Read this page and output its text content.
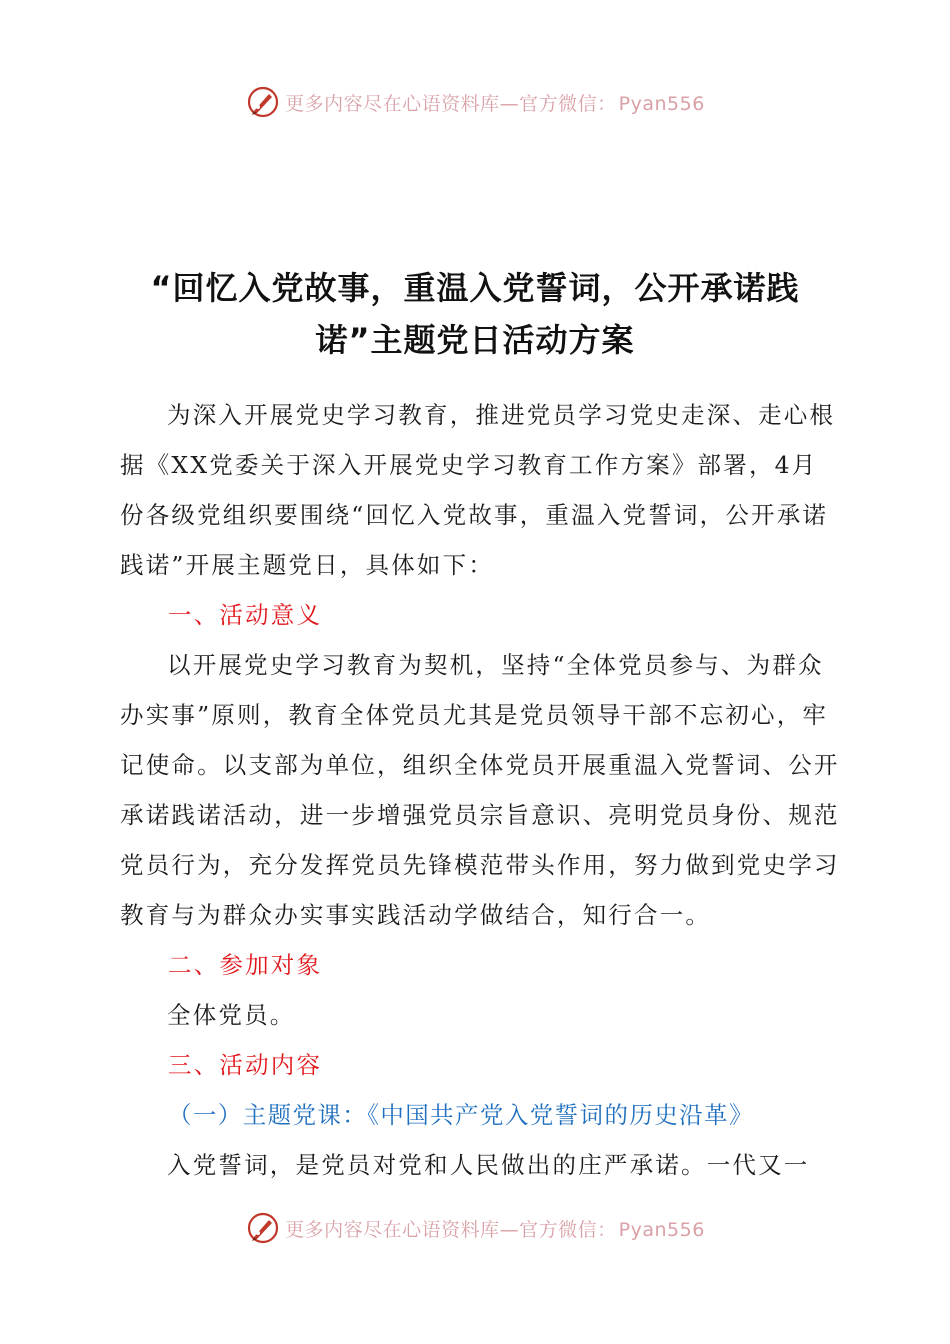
更多内容尽在心语资料库—官方微信： Pyan556
“回忆入党故事，重温入党誓词，公开承诺践
诺”主题党日活动方案

为深入开展党史学习教育，推进党员学习党史走深、走心根据《XX党委关于深入开展党史学习教育工作方案》部署，4月份各级党组织要围绕“回忆入党故事，重温入党誓词，公开承诺践诺”开展主题党日，具体如下：

一、活动意义

以开展党史学习教育为契机，坚持“全体党员参与、为群众办实事”原则，教育全体党员尤其是党员领导干部不忘初心，牢记使命。以支部为单位，组织全体党员开展重温入党誓词、公开承诺践诺活动，进一步增强党员宗旨意识、亮明党员身份、规范党员行为，充分发挥党员先锋模范带头作用，努力做到党史学习教育与为群众办实事实践活动学做结合，知行合一。

二、参加对象

全体党员。

三、活动内容
（一）主题党课：《中国共产党入党誓词的历史沿革》

入党誓词，是党员对党和人民做出的庄严承诺。一代又一

更多内容尽在心语资料库—官方微信： Pyan556
